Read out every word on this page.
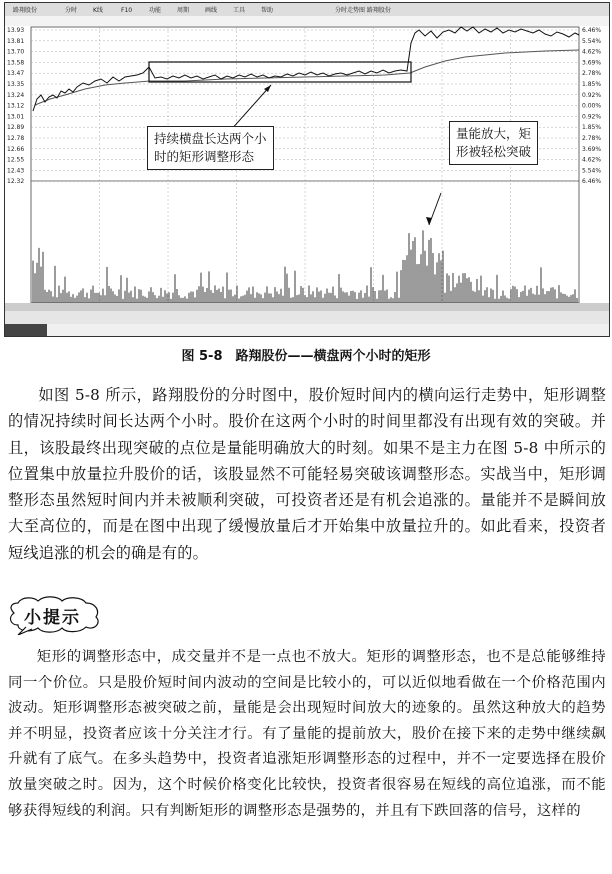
路翔股份	分时	K线	F10	功能	周期	画线	工具	帮助	分时走势图 路翔股份
13.93
13.81
13.70
13.58
13.47
13.35
13.24
13.12
13.01
12.89
12.78
12.66
12.55
12.43
12.32
6.46%
5.54%
4.62%
3.69%
2.78%
1.85%
0.92%
0.00%
0.92%
1.85%
2.78%
3.69%
4.62%
5.54%
6.46%
持续横盘长达两个小
时的矩形调整形态
量能放大，矩
形被轻松突破
图 5-8　路翔股份——横盘两个小时的矩形
如图 5-8 所示，路翔股份的分时图中，股价短时间内的横向运行走势中，矩形调整的情况持续时间长达两个小时。股价在这两个小时的时间里都没有出现有效的突破。并且，该股最终出现突破的点位是量能明确放大的时刻。如果不是主力在图 5-8 中所示的位置集中放量拉升股价的话，该股显然不可能轻易突破该调整形态。实战当中，矩形调整形态虽然短时间内并未被顺利突破，可投资者还是有机会追涨的。量能并不是瞬间放大至高位的，而是在图中出现了缓慢放量后才开始集中放量拉升的。如此看来，投资者短线追涨的机会的确是有的。
小提示
矩形的调整形态中，成交量并不是一点也不放大。矩形的调整形态，也不是总能够维持同一个价位。只是股价短时间内波动的空间是比较小的，可以近似地看做在一个价格范围内波动。矩形调整形态被突破之前，量能是会出现短时间放大的迹象的。虽然这种放大的趋势并不明显，投资者应该十分关注才行。有了量能的提前放大，股价在接下来的走势中继续飙升就有了底气。在多头趋势中，投资者追涨矩形调整形态的过程中，并不一定要选择在股价放量突破之时。因为，这个时候价格变化比较快，投资者很容易在短线的高位追涨，而不能够获得短线的利润。只有判断矩形的调整形态是强势的，并且有下跌回落的信号，这样的
